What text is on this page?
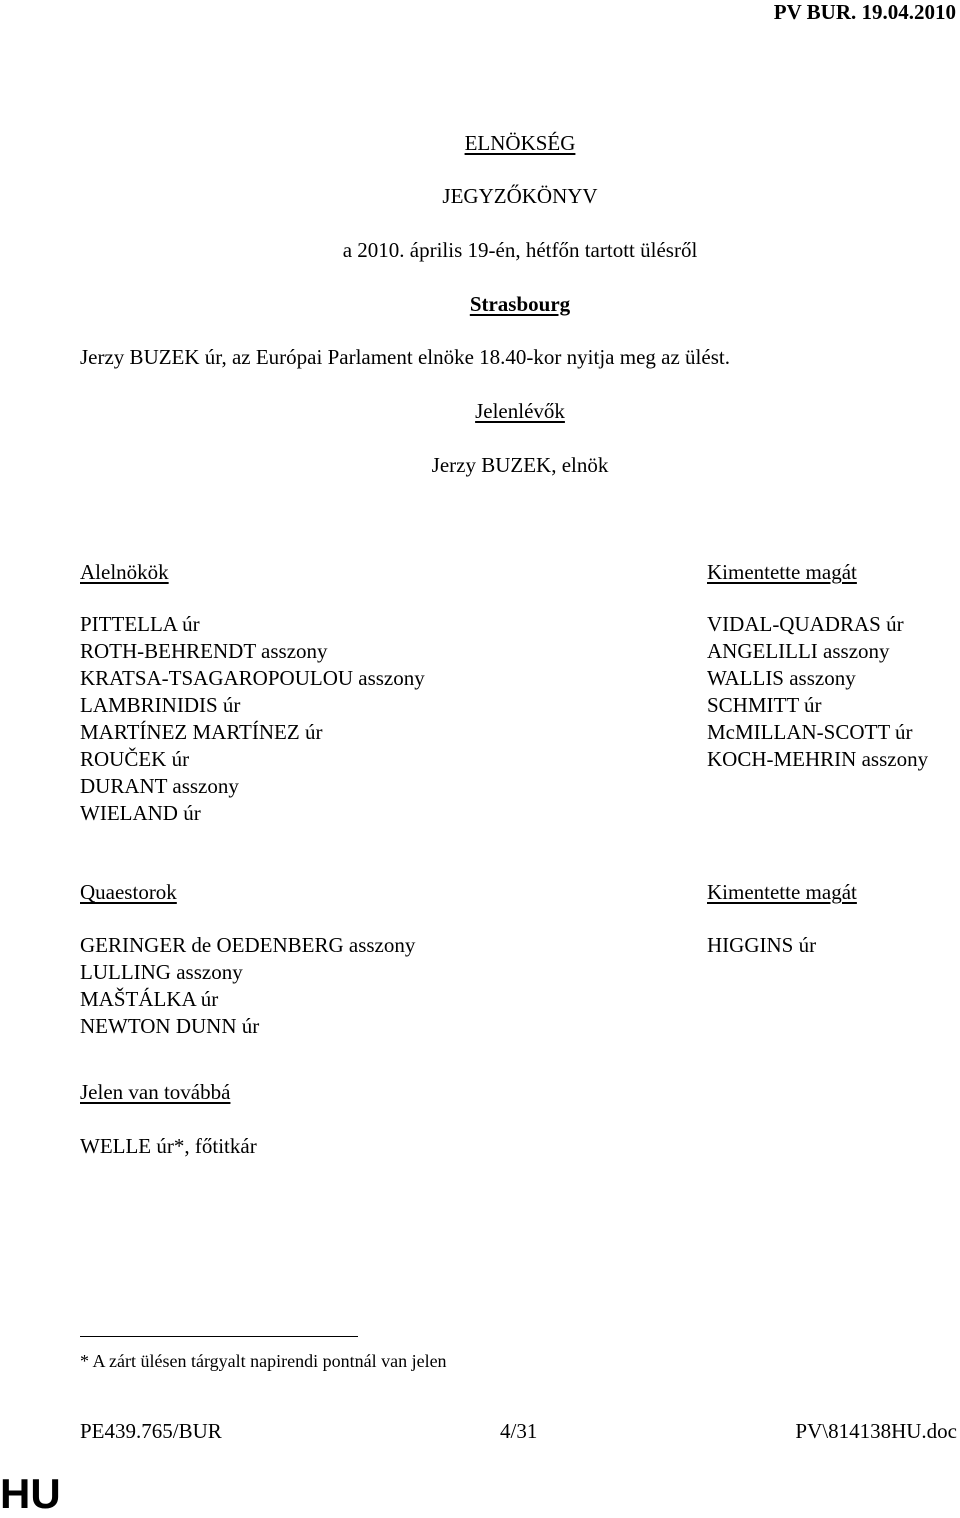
PV BUR. 19.04.2010
ELNÖKSÉG
JEGYZŐKÖNYV
a 2010. április 19-én, hétfőn tartott ülésről
Strasbourg
Jerzy BUZEK úr, az Európai Parlament elnöke 18.40-kor nyitja meg az ülést.
Jelenlévők
Jerzy BUZEK, elnök
Alelnökök
PITTELLA úr
ROTH-BEHRENDT asszony
KRATSA-TSAGAROPOULOU asszony
LAMBRINIDIS úr
MARTÍNEZ MARTÍNEZ úr
ROUČEK úr
DURANT asszony
WIELAND úr
Kimentette magát
VIDAL-QUADRAS úr
ANGELILLI asszony
WALLIS asszony
SCHMITT úr
McMILLAN-SCOTT úr
KOCH-MEHRIN asszony
Quaestorok
GERINGER de OEDENBERG asszony
LULLING asszony
MAŠTÁLKA úr
NEWTON DUNN úr
Kimentette magát
HIGGINS úr
Jelen van továbbá
WELLE úr*, főtitkár
* A zárt ülésen tárgyalt napirendi pontnál van jelen
PE439.765/BUR	4/31	PV\814138HU.doc
HU
